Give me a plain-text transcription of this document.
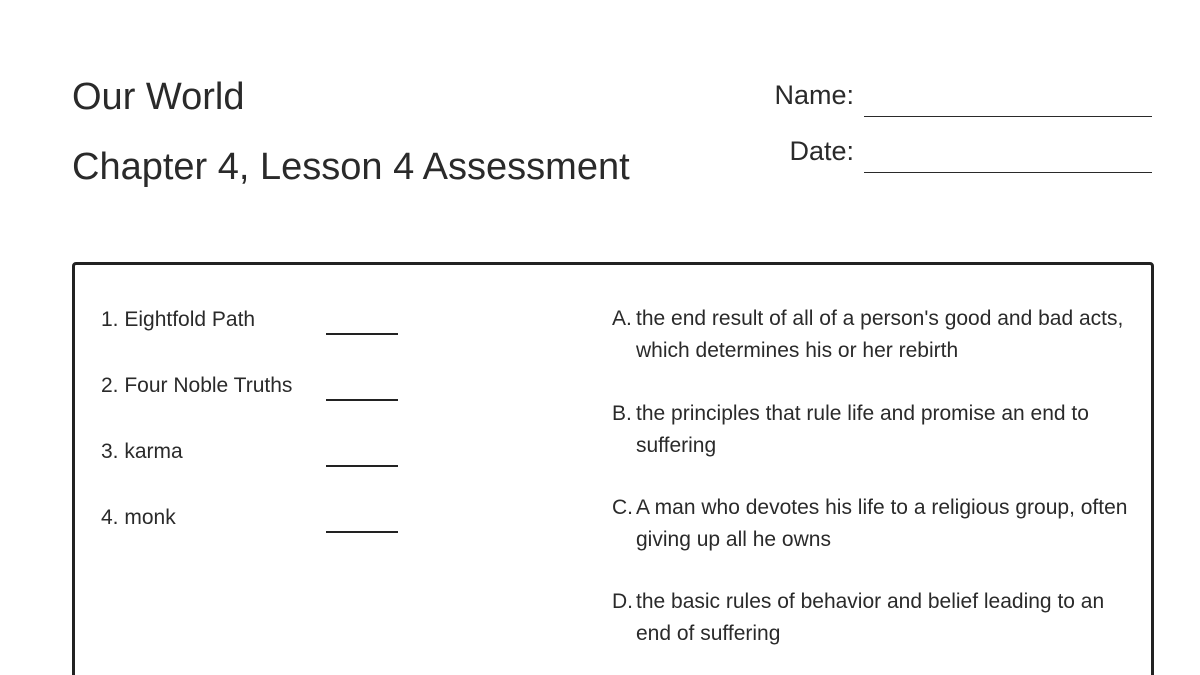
Our World
Chapter 4, Lesson 4 Assessment
Name:
Date:
1. Eightfold Path
2. Four Noble Truths
3. karma
4. monk
A. the end result of all of a person's good and bad acts, which determines his or her rebirth
B. the principles that rule life and promise an end to suffering
C. A man who devotes his life to a religious group, often giving up all he owns
D. the basic rules of behavior and belief leading to an end of suffering
